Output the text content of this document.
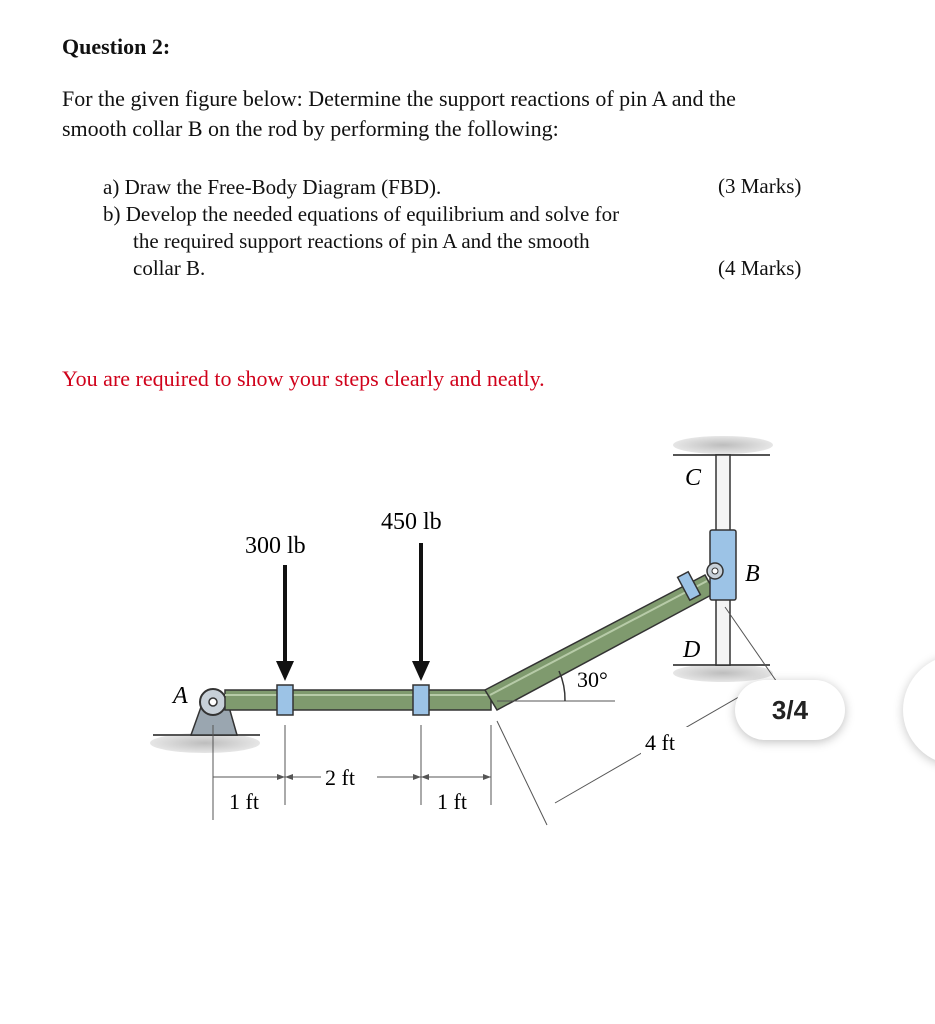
Question 2:
For the given figure below: Determine the support reactions of pin A and the
smooth collar B on the rod by performing the following:
a) Draw the Free-Body Diagram (FBD).	(3 Marks)
b) Develop the needed equations of equilibrium and solve for
the required support reactions of pin A and the smooth
collar B.	(4 Marks)
You are required to show your steps clearly and neatly.
300 lb
450 lb
A
B
C
D
30°
1 ft
2 ft
1 ft
4 ft
3/4
